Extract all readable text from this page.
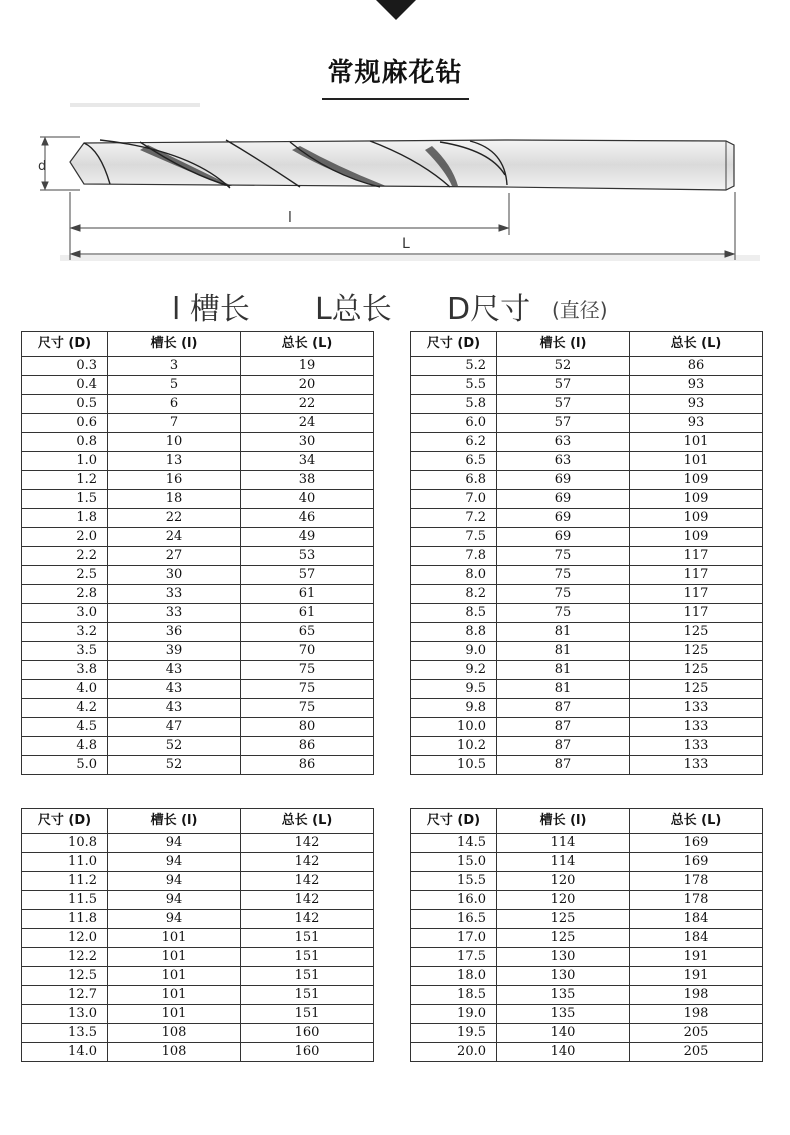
常规麻花钻
d
l
L
l 槽长 L总长 D尺寸 (直径)
尺寸 (D)	槽长 (l)	总长 (L)
0.3	3	19
0.4	5	20
0.5	6	22
0.6	7	24
0.8	10	30
1.0	13	34
1.2	16	38
1.5	18	40
1.8	22	46
2.0	24	49
2.2	27	53
2.5	30	57
2.8	33	61
3.0	33	61
3.2	36	65
3.5	39	70
3.8	43	75
4.0	43	75
4.2	43	75
4.5	47	80
4.8	52	86
5.0	52	86
尺寸 (D)	槽长 (l)	总长 (L)
5.2	52	86
5.5	57	93
5.8	57	93
6.0	57	93
6.2	63	101
6.5	63	101
6.8	69	109
7.0	69	109
7.2	69	109
7.5	69	109
7.8	75	117
8.0	75	117
8.2	75	117
8.5	75	117
8.8	81	125
9.0	81	125
9.2	81	125
9.5	81	125
9.8	87	133
10.0	87	133
10.2	87	133
10.5	87	133
尺寸 (D)	槽长 (l)	总长 (L)
10.8	94	142
11.0	94	142
11.2	94	142
11.5	94	142
11.8	94	142
12.0	101	151
12.2	101	151
12.5	101	151
12.7	101	151
13.0	101	151
13.5	108	160
14.0	108	160
尺寸 (D)	槽长 (l)	总长 (L)
14.5	114	169
15.0	114	169
15.5	120	178
16.0	120	178
16.5	125	184
17.0	125	184
17.5	130	191
18.0	130	191
18.5	135	198
19.0	135	198
19.5	140	205
20.0	140	205
